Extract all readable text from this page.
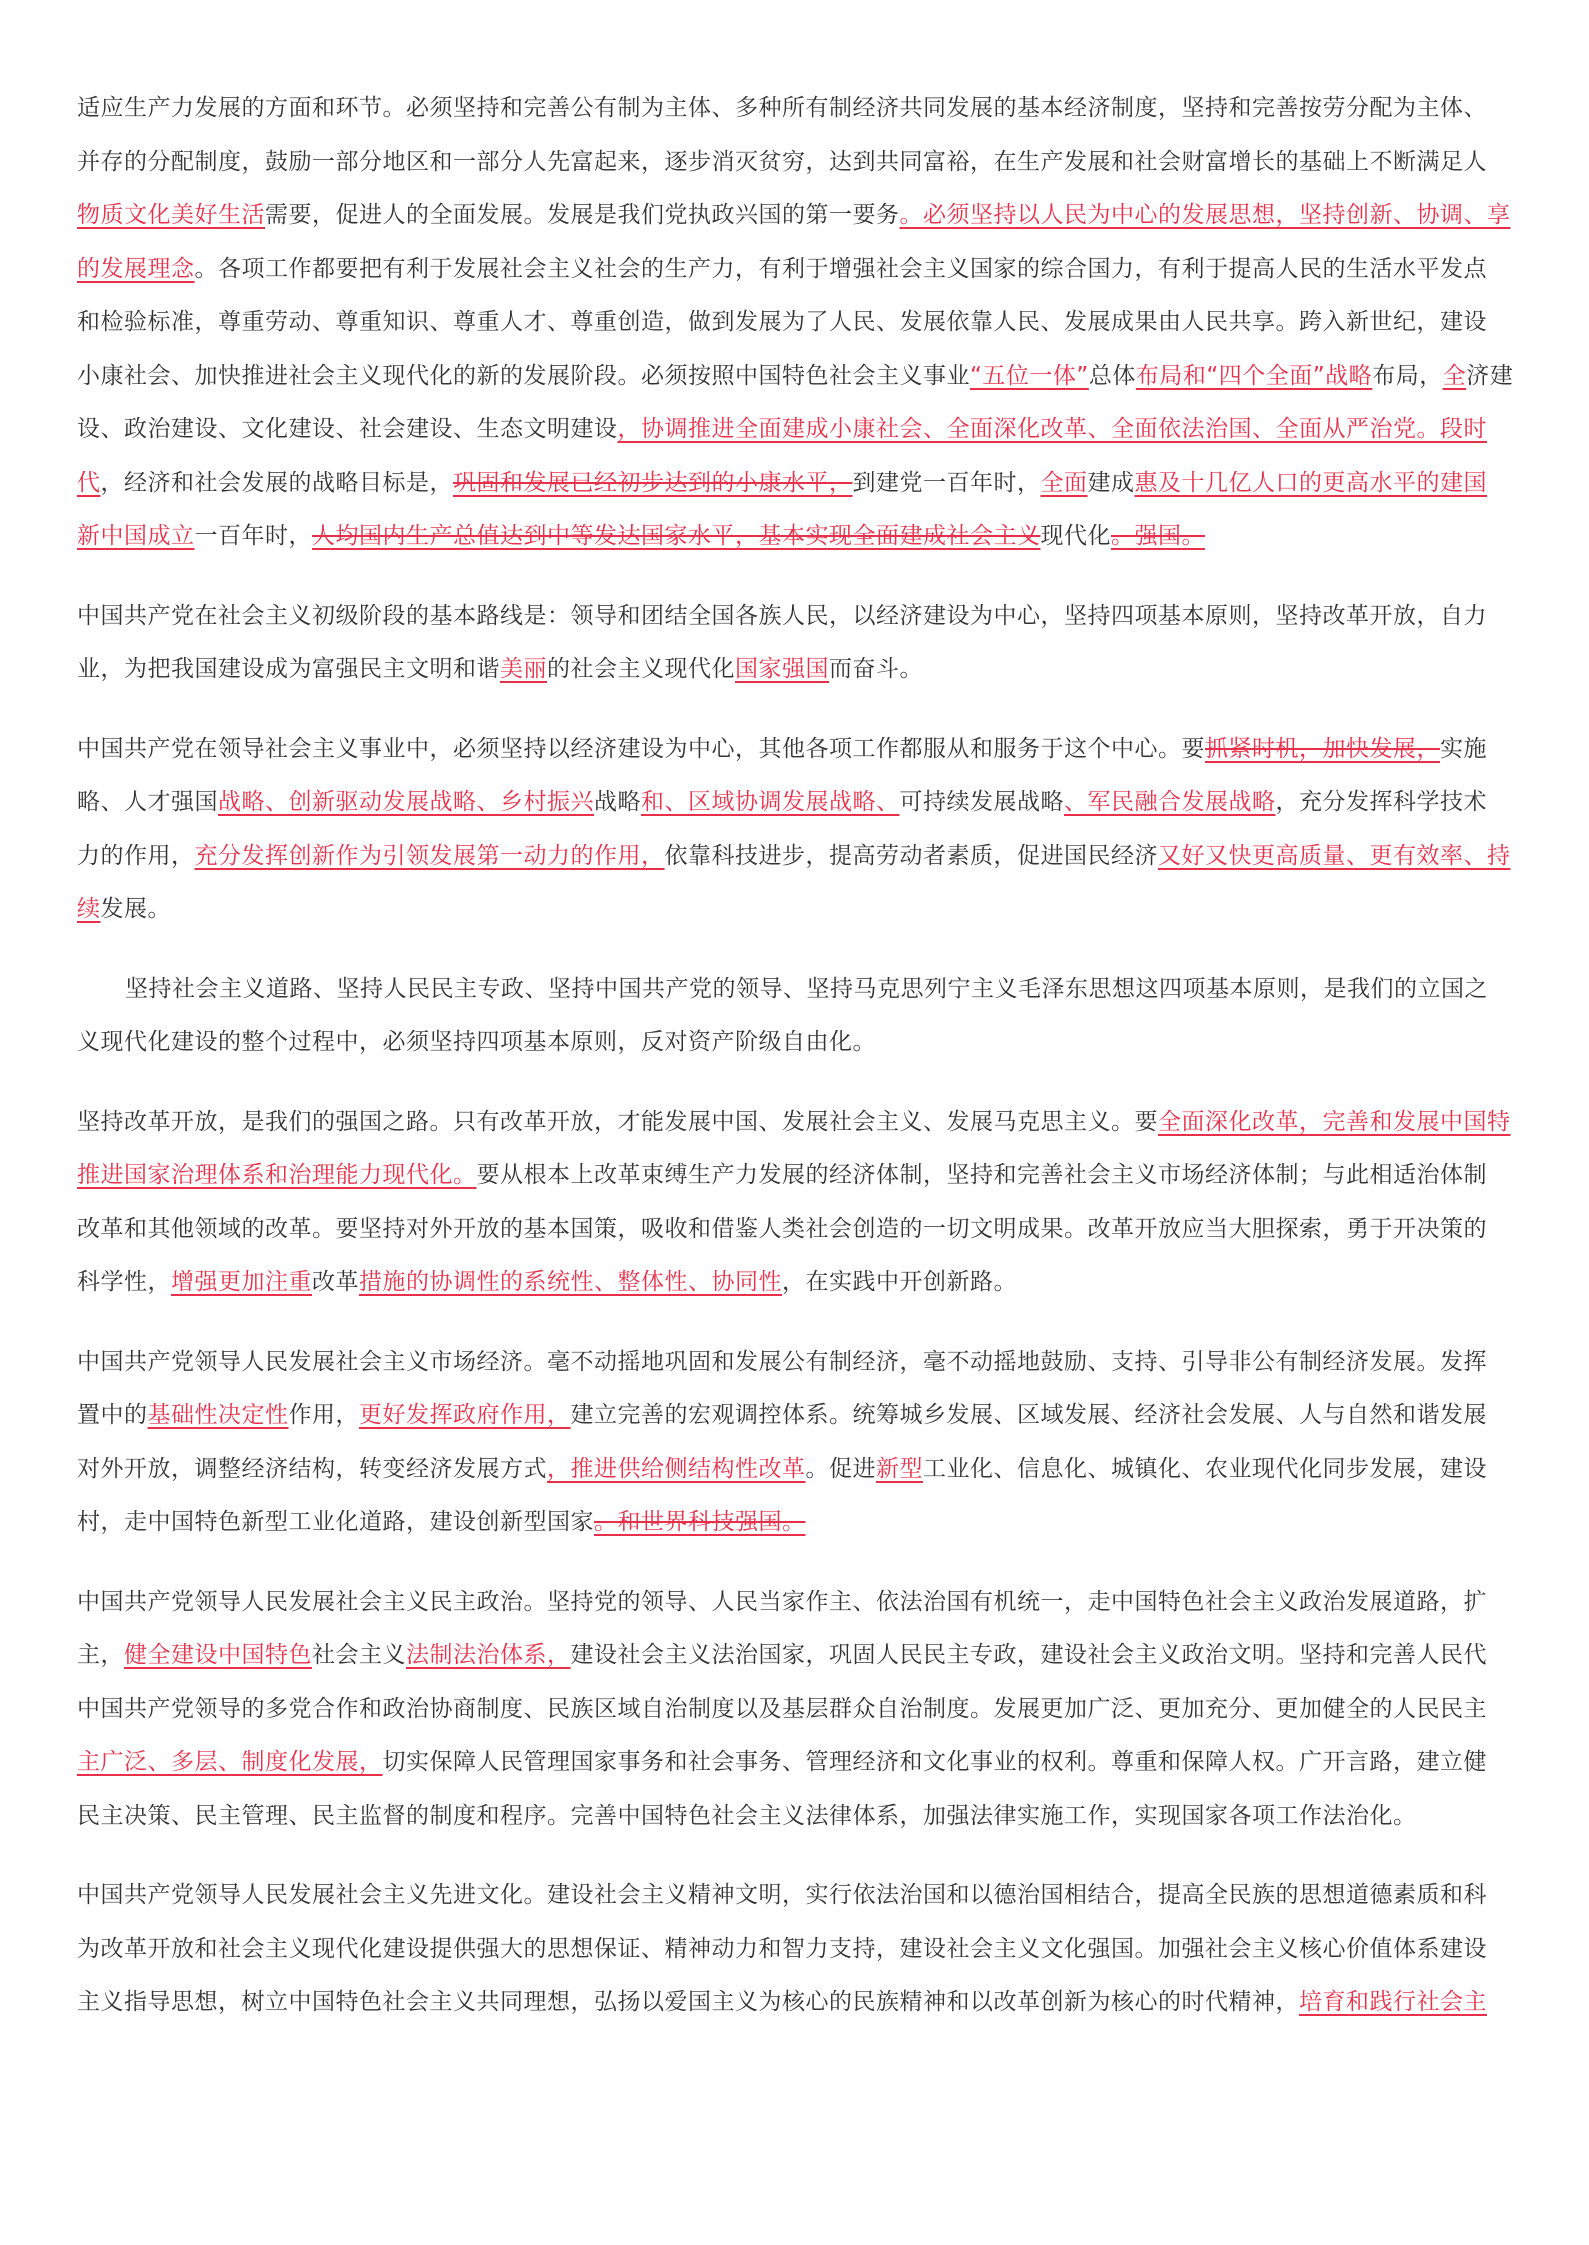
适应生产力发展的方面和环节。必须坚持和完善公有制为主体、多种所有制经济共同发展的基本经济制度，坚持和完善按劳分配为主体、
并存的分配制度，鼓励一部分地区和一部分人先富起来，逐步消灭贫穷，达到共同富裕，在生产发展和社会财富增长的基础上不断满足人
物质文化美好生活需要，促进人的全面发展。发展是我们党执政兴国的第一要务。必须坚持以人民为中心的发展思想，坚持创新、协调、享
的发展理念。各项工作都要把有利于发展社会主义社会的生产力，有利于增强社会主义国家的综合国力，有利于提高人民的生活水平发点
和检验标准，尊重劳动、尊重知识、尊重人才、尊重创造，做到发展为了人民、发展依靠人民、发展成果由人民共享。跨入新世纪，建设
小康社会、加快推进社会主义现代化的新的发展阶段。必须按照中国特色社会主义事业“五位一体”总体布局和“四个全面”战略布局，全济建
设、政治建设、文化建设、社会建设、生态文明建设，协调推进全面建成小康社会、全面深化改革、全面依法治国、全面从严治党。段时
代，经济和社会发展的战略目标是，巩固和发展已经初步达到的小康水平，到建党一百年时，全面建成惠及十几亿人口的更高水平的建国
新中国成立一百年时，人均国内生产总值达到中等发达国家水平，基本实现全面建成社会主义现代化。强国。
中国共产党在社会主义初级阶段的基本路线是：领导和团结全国各族人民，以经济建设为中心，坚持四项基本原则，坚持改革开放，自力
业，为把我国建设成为富强民主文明和谐美丽的社会主义现代化国家强国而奋斗。
中国共产党在领导社会主义事业中，必须坚持以经济建设为中心，其他各项工作都服从和服务于这个中心。要抓紧时机，加快发展，实施
略、人才强国战略、创新驱动发展战略、乡村振兴战略和、区域协调发展战略、可持续发展战略、军民融合发展战略，充分发挥科学技术
力的作用，充分发挥创新作为引领发展第一动力的作用，依靠科技进步，提高劳动者素质，促进国民经济又好又快更高质量、更有效率、持
续发展。
坚持社会主义道路、坚持人民民主专政、坚持中国共产党的领导、坚持马克思列宁主义毛泽东思想这四项基本原则，是我们的立国之
义现代化建设的整个过程中，必须坚持四项基本原则，反对资产阶级自由化。
坚持改革开放，是我们的强国之路。只有改革开放，才能发展中国、发展社会主义、发展马克思主义。要全面深化改革，完善和发展中国特
推进国家治理体系和治理能力现代化。要从根本上改革束缚生产力发展的经济体制，坚持和完善社会主义市场经济体制；与此相适治体制
改革和其他领域的改革。要坚持对外开放的基本国策，吸收和借鉴人类社会创造的一切文明成果。改革开放应当大胆探索，勇于开决策的
科学性，增强更加注重改革措施的协调性的系统性、整体性、协同性，在实践中开创新路。
中国共产党领导人民发展社会主义市场经济。毫不动摇地巩固和发展公有制经济，毫不动摇地鼓励、支持、引导非公有制经济发展。发挥
置中的基础性决定性作用，更好发挥政府作用，建立完善的宏观调控体系。统筹城乡发展、区域发展、经济社会发展、人与自然和谐发展
对外开放，调整经济结构，转变经济发展方式，推进供给侧结构性改革。促进新型工业化、信息化、城镇化、农业现代化同步发展，建设
村，走中国特色新型工业化道路，建设创新型国家。和世界科技强国。
中国共产党领导人民发展社会主义民主政治。坚持党的领导、人民当家作主、依法治国有机统一，走中国特色社会主义政治发展道路，扩
主，健全建设中国特色社会主义法制法治体系，建设社会主义法治国家，巩固人民民主专政，建设社会主义政治文明。坚持和完善人民代
中国共产党领导的多党合作和政治协商制度、民族区域自治制度以及基层群众自治制度。发展更加广泛、更加充分、更加健全的人民民主
主广泛、多层、制度化发展，切实保障人民管理国家事务和社会事务、管理经济和文化事业的权利。尊重和保障人权。广开言路，建立健
民主决策、民主管理、民主监督的制度和程序。完善中国特色社会主义法律体系，加强法律实施工作，实现国家各项工作法治化。
中国共产党领导人民发展社会主义先进文化。建设社会主义精神文明，实行依法治国和以德治国相结合，提高全民族的思想道德素质和科
为改革开放和社会主义现代化建设提供强大的思想保证、精神动力和智力支持，建设社会主义文化强国。加强社会主义核心价值体系建设
主义指导思想，树立中国特色社会主义共同理想，弘扬以爱国主义为核心的民族精神和以改革创新为核心的时代精神，培育和践行社会主
